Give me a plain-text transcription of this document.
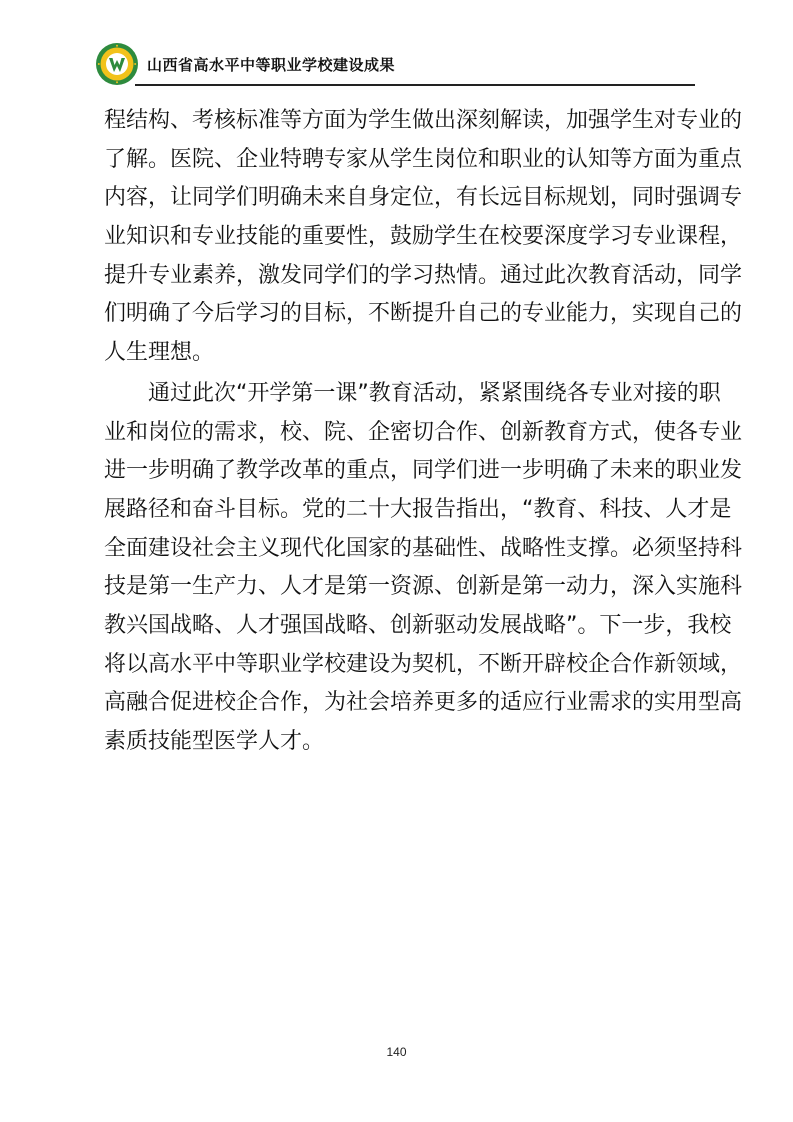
山西省高水平中等职业学校建设成果
程结构、考核标准等方面为学生做出深刻解读，加强学生对专业的
了解。医院、企业特聘专家从学生岗位和职业的认知等方面为重点
内容，让同学们明确未来自身定位，有长远目标规划，同时强调专
业知识和专业技能的重要性，鼓励学生在校要深度学习专业课程，
提升专业素养，激发同学们的学习热情。通过此次教育活动，同学
们明确了今后学习的目标，不断提升自己的专业能力，实现自己的
人生理想。
通过此次“开学第一课”教育活动，紧紧围绕各专业对接的职
业和岗位的需求，校、院、企密切合作、创新教育方式，使各专业
进一步明确了教学改革的重点，同学们进一步明确了未来的职业发
展路径和奋斗目标。党的二十大报告指出，“教育、科技、人才是
全面建设社会主义现代化国家的基础性、战略性支撑。必须坚持科
技是第一生产力、人才是第一资源、创新是第一动力，深入实施科
教兴国战略、人才强国战略、创新驱动发展战略”。下一步，我校
将以高水平中等职业学校建设为契机，不断开辟校企合作新领域，
高融合促进校企合作，为社会培养更多的适应行业需求的实用型高
素质技能型医学人才。
140
